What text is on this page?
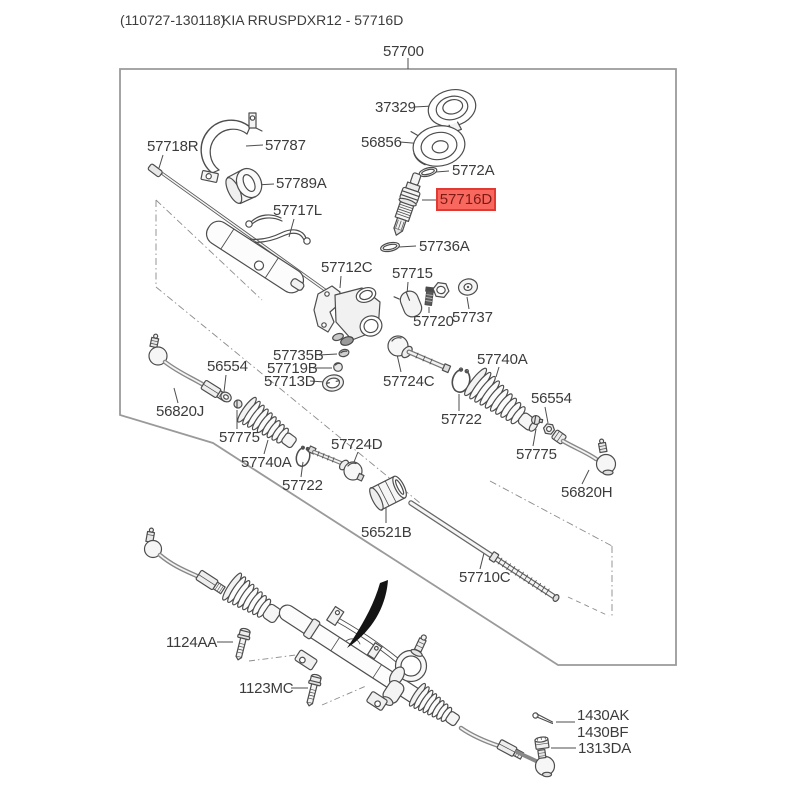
(110727-130118)
KIA RRUSPDXR12 - 57716D
57700
37329
56856
5772A
57716D
57736A
57718R	57787
57789A
57717L
57712C 57715
57720
57737
57735B
57719B
57713D
56554
56820J
57775
57740A
57722
57724C
57740A
57722
56554
57775
56820H
57724D
56521B
57710C
1124AA
1123MC
1430AK
1430BF
1313DA
